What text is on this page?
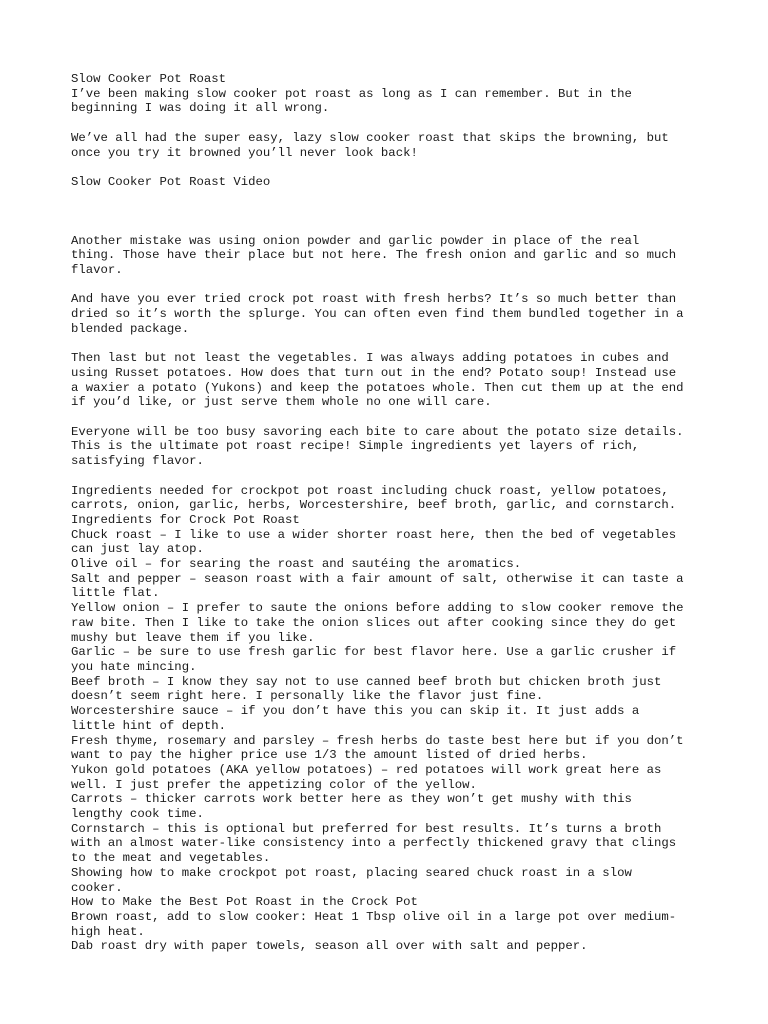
Slow Cooker Pot Roast
I’ve been making slow cooker pot roast as long as I can remember. But in the
beginning I was doing it all wrong.
We’ve all had the super easy, lazy slow cooker roast that skips the browning, but
once you try it browned you’ll never look back!
Slow Cooker Pot Roast Video
Another mistake was using onion powder and garlic powder in place of the real
thing. Those have their place but not here. The fresh onion and garlic and so much
flavor.
And have you ever tried crock pot roast with fresh herbs? It’s so much better than
dried so it’s worth the splurge. You can often even find them bundled together in a
blended package.
Then last but not least the vegetables. I was always adding potatoes in cubes and
using Russet potatoes. How does that turn out in the end? Potato soup! Instead use
a waxier a potato (Yukons) and keep the potatoes whole. Then cut them up at the end
if you’d like, or just serve them whole no one will care.
Everyone will be too busy savoring each bite to care about the potato size details.
This is the ultimate pot roast recipe! Simple ingredients yet layers of rich,
satisfying flavor.
Ingredients needed for crockpot pot roast including chuck roast, yellow potatoes,
carrots, onion, garlic, herbs, Worcestershire, beef broth, garlic, and cornstarch.
Ingredients for Crock Pot Roast
Chuck roast – I like to use a wider shorter roast here, then the bed of vegetables
can just lay atop.
Olive oil – for searing the roast and sautéing the aromatics.
Salt and pepper – season roast with a fair amount of salt, otherwise it can taste a
little flat.
Yellow onion – I prefer to saute the onions before adding to slow cooker remove the
raw bite. Then I like to take the onion slices out after cooking since they do get
mushy but leave them if you like.
Garlic – be sure to use fresh garlic for best flavor here. Use a garlic crusher if
you hate mincing.
Beef broth – I know they say not to use canned beef broth but chicken broth just
doesn’t seem right here. I personally like the flavor just fine.
Worcestershire sauce – if you don’t have this you can skip it. It just adds a
little hint of depth.
Fresh thyme, rosemary and parsley – fresh herbs do taste best here but if you don’t
want to pay the higher price use 1/3 the amount listed of dried herbs.
Yukon gold potatoes (AKA yellow potatoes) – red potatoes will work great here as
well. I just prefer the appetizing color of the yellow.
Carrots – thicker carrots work better here as they won’t get mushy with this
lengthy cook time.
Cornstarch – this is optional but preferred for best results. It’s turns a broth
with an almost water-like consistency into a perfectly thickened gravy that clings
to the meat and vegetables.
Showing how to make crockpot pot roast, placing seared chuck roast in a slow
cooker.
How to Make the Best Pot Roast in the Crock Pot
Brown roast, add to slow cooker: Heat 1 Tbsp olive oil in a large pot over medium-
high heat.
Dab roast dry with paper towels, season all over with salt and pepper.
